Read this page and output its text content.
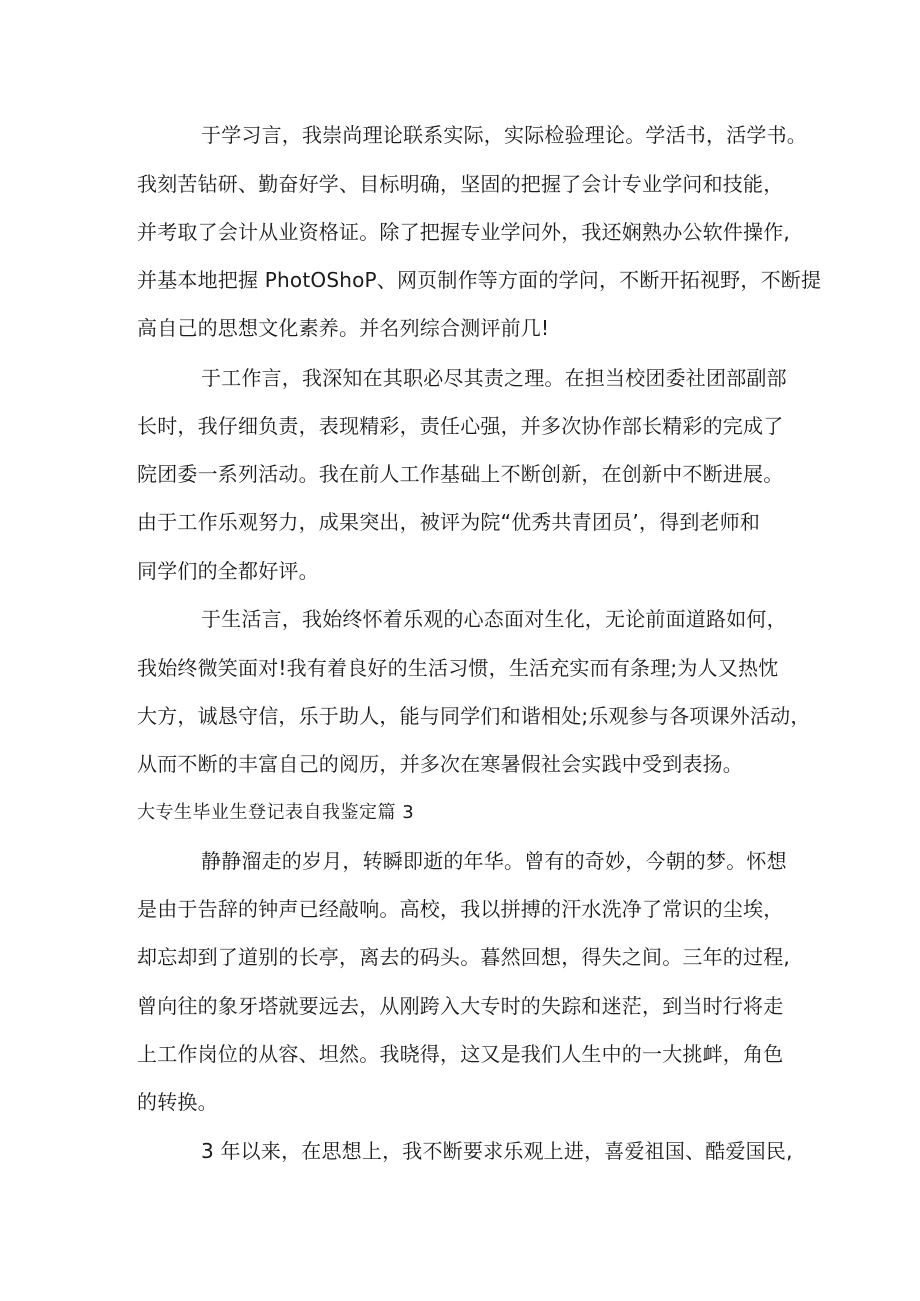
于学习言，我崇尚理论联系实际，实际检验理论。学活书，活学书。
我刻苦钻研、勤奋好学、目标明确，坚固的把握了会计专业学问和技能，
并考取了会计从业资格证。除了把握专业学问外，我还娴熟办公软件操作,
并基本地把握 PhotOShoP、网页制作等方面的学问，不断开拓视野，不断提
高自己的思想文化素养。并名列综合测评前几!
于工作言，我深知在其职必尽其责之理。在担当校团委社团部副部
长时，我仔细负责，表现精彩，责任心强，并多次协作部长精彩的完成了
院团委一系列活动。我在前人工作基础上不断创新，在创新中不断进展。
由于工作乐观努力，成果突出，被评为院“优秀共青团员’，得到老师和
同学们的全都好评。
于生活言，我始终怀着乐观的心态面对生化，无论前面道路如何，
我始终微笑面对!我有着良好的生活习惯，生活充实而有条理;为人又热忱
大方，诚恳守信，乐于助人，能与同学们和谐相处;乐观参与各项课外活动，
从而不断的丰富自己的阅历，并多次在寒暑假社会实践中受到表扬。
大专生毕业生登记表自我鉴定篇 3
静静溜走的岁月，转瞬即逝的年华。曾有的奇妙，今朝的梦。怀想
是由于告辞的钟声已经敲响。高校，我以拼搏的汗水洗净了常识的尘埃，
却忘却到了道别的长亭，离去的码头。暮然回想，得失之间。三年的过程,
曾向往的象牙塔就要远去，从刚跨入大专时的失踪和迷茫，到当时行将走
上工作岗位的从容、坦然。我晓得，这又是我们人生中的一大挑衅，角色
的转换。
3 年以来，在思想上，我不断要求乐观上进，喜爱祖国、酷爱国民,
